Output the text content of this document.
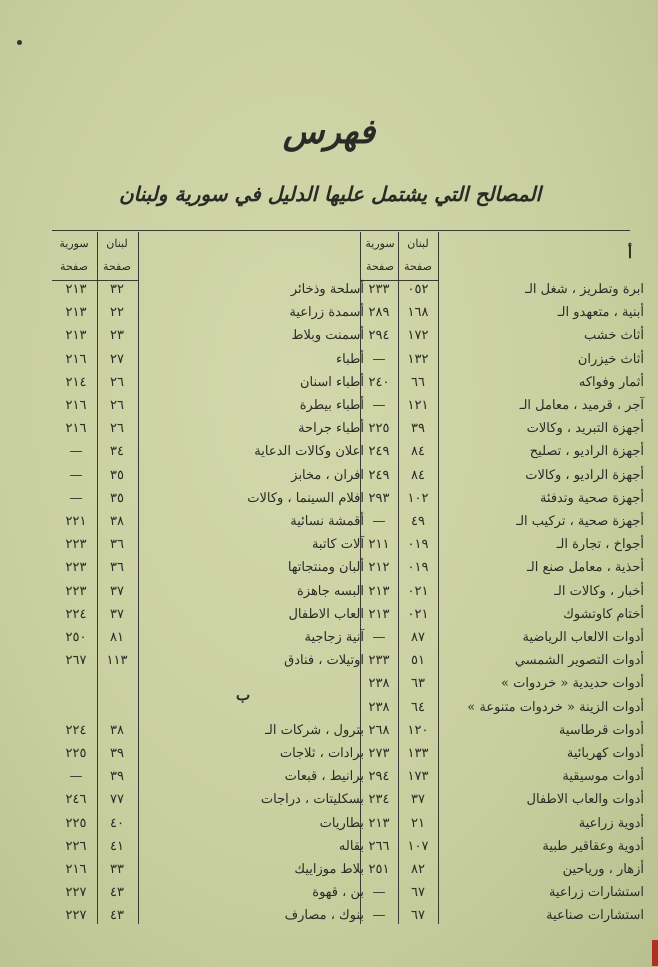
فهرس
المصالح التي يشتمل عليها الدليل في سورية ولبنان
سورية
صفحة
لبنان
صفحة
سورية
صفحة
لبنان
صفحة
أ
ب
ابرة وتطريز ، شغل الـ
٠٥٢
٢٣٣
أبنية ، متعهدو الـ
١٦٨
٢٨٩
أثاث خشب
١٧٢
٢٩٤
أثاث خيزران
١٣٢
—
أثمار وفواكه
٦٦
٢٤٠
آجر ، قرميد ، معامل الـ
١٢١
—
أجهزة التبريد ، وكالات
٣٩
٢٢٥
أجهزة الراديو ، تصليح
٨٤
٢٤٩
أجهزة الراديو ، وكالات
٨٤
٢٤٩
أجهزة صحية وتدفئة
١٠٢
٢٩٣
أجهزة صحية ، تركيب الـ
٤٩
—
أجواخ ، تجارة الـ
٠١٩
٢١١
أحذية ، معامل صنع الـ
٠١٩
٢١٢
أخبار ، وكالات الـ
٠٢١
٢١٣
أختام كاوتشوك
٠٢١
٢١٣
أدوات الالعاب الرياضية
٨٧
—
أدوات التصوير الشمسي
٥١
٢٣٣
أدوات حديدية « خردوات »
٦٣
٢٣٨
أدوات الزينة « خردوات متنوعة »
٦٤
٢٣٨
أدوات قرطاسية
١٢٠
٢٦٨
أدوات كهربائية
١٣٣
٢٧٣
أدوات موسيقية
١٧٣
٢٩٤
أدوات والعاب الاطفال
٣٧
٢٣٤
أدوية زراعية
٢١
٢١٣
أدوية وعقاقير طبية
١٠٧
٢٦٦
أزهار ، ورياحين
٨٢
٢٥١
استشارات زراعية
٦٧
—
استشارات صناعية
٦٧
—
أسلحة وذخائر
٣٢
٢١٣
أسمدة زراعية
٢٢
٢١٣
أسمنت وبلاط
٢٣
٢١٣
أطباء
٢٧
٢١٦
أطباء اسنان
٢٦
٢١٤
أطباء بيطرة
٢٦
٢١٦
أطباء جراحة
٢٦
٢١٦
اعلان وكالات الدعاية
٣٤
—
افران ، مخابز
٣٥
—
افلام السينما ، وكالات
٣٥
—
أقمشة نسائية
٣٨
٢٢١
آلات كاتبة
٣٦
٢٢٣
ألبان ومنتجاتها
٣٦
٢٢٣
البسه جاهزة
٣٧
٢٢٣
العاب الاطفال
٣٧
٢٢٤
آنية زجاجية
٨١
٢٥٠
اوتيلات ، فنادق
١١٣
٢٦٧
بترول ، شركات الـ
٣٨
٢٢٤
برادات ، ثلاجات
٣٩
٢٢٥
برانيط ، قبعات
٣٩
—
بسكليتات ، دراجات
٧٧
٢٤٦
بطاريات
٤٠
٢٢٥
بقاله
٤١
٢٢٦
بلاط موزاييك
٣٣
٢١٦
بن ، قهوة
٤٣
٢٢٧
بنوك ، مصارف
٤٣
٢٢٧
